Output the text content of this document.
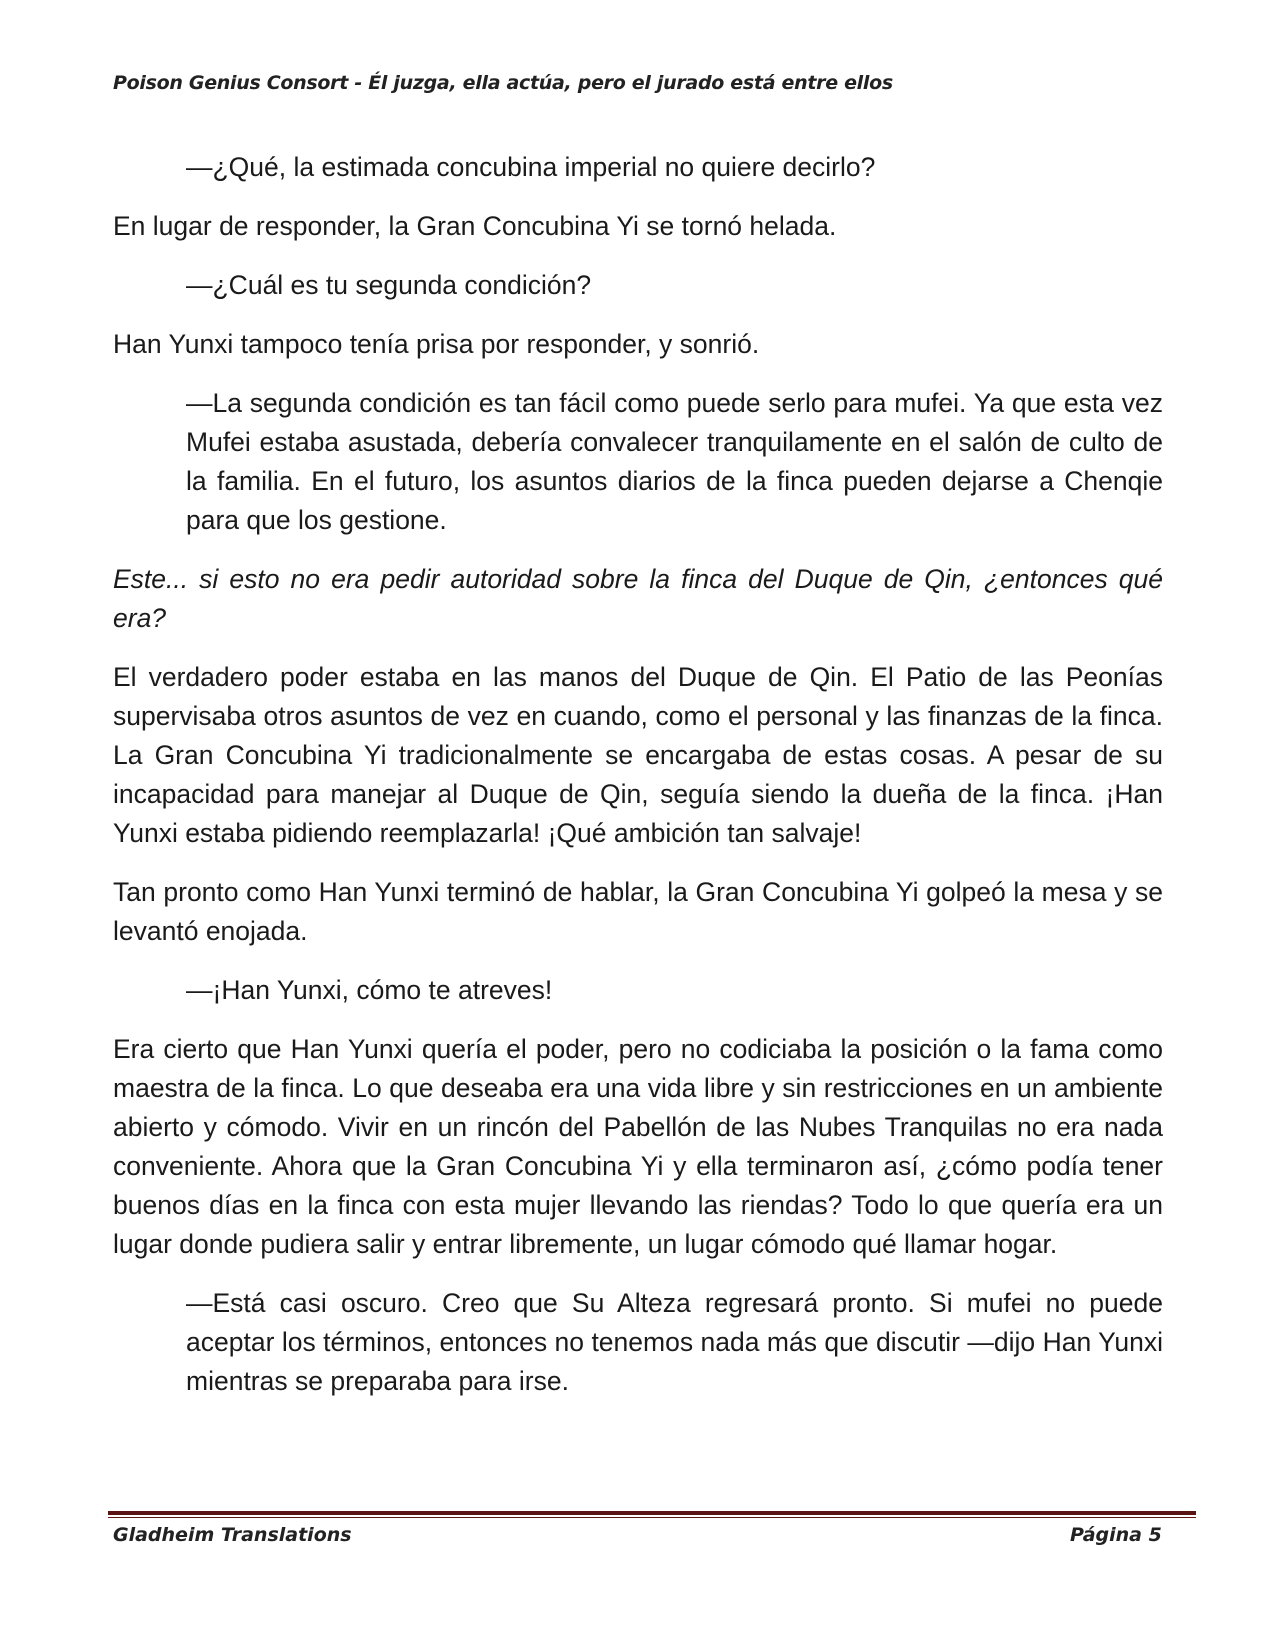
Poison Genius Consort - Él juzga, ella actúa, pero el jurado está entre ellos

—¿Qué, la estimada concubina imperial no quiere decirlo?

En lugar de responder, la Gran Concubina Yi se tornó helada.

—¿Cuál es tu segunda condición?

Han Yunxi tampoco tenía prisa por responder, y sonrió.

—La segunda condición es tan fácil como puede serlo para mufei. Ya que esta vez Mufei estaba asustada, debería convalecer tranquilamente en el salón de culto de la familia. En el futuro, los asuntos diarios de la finca pueden dejarse a Chenqie para que los gestione.

Este... si esto no era pedir autoridad sobre la finca del Duque de Qin, ¿entonces qué era?

El verdadero poder estaba en las manos del Duque de Qin. El Patio de las Peonías supervisaba otros asuntos de vez en cuando, como el personal y las finanzas de la finca. La Gran Concubina Yi tradicionalmente se encargaba de estas cosas. A pesar de su incapacidad para manejar al Duque de Qin, seguía siendo la dueña de la finca. ¡Han Yunxi estaba pidiendo reemplazarla! ¡Qué ambición tan salvaje!

Tan pronto como Han Yunxi terminó de hablar, la Gran Concubina Yi golpeó la mesa y se levantó enojada.

—¡Han Yunxi, cómo te atreves!

Era cierto que Han Yunxi quería el poder, pero no codiciaba la posición o la fama como maestra de la finca. Lo que deseaba era una vida libre y sin restricciones en un ambiente abierto y cómodo. Vivir en un rincón del Pabellón de las Nubes Tranquilas no era nada conveniente. Ahora que la Gran Concubina Yi y ella terminaron así, ¿cómo podía tener buenos días en la finca con esta mujer llevando las riendas? Todo lo que quería era un lugar donde pudiera salir y entrar libremente, un lugar cómodo qué llamar hogar.

—Está casi oscuro. Creo que Su Alteza regresará pronto. Si mufei no puede aceptar los términos, entonces no tenemos nada más que discutir —dijo Han Yunxi mientras se preparaba para irse.

Gladheim Translations	Página 5
